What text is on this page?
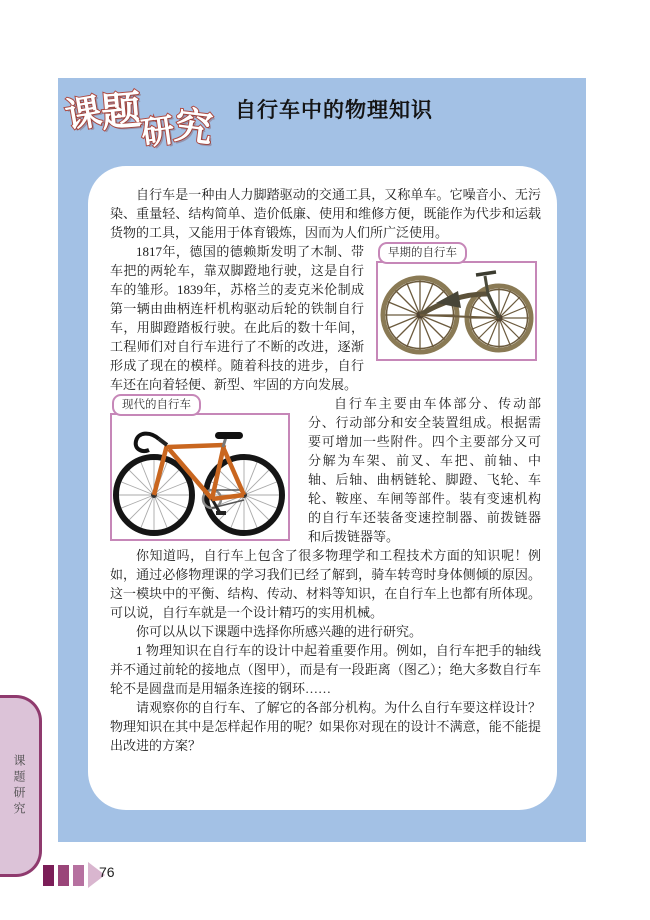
课
题
研
究 自行车中的物理知识

自行车是一种由人力脚踏驱动的交通工具，又称单车。它噪音小、无污染、重量轻、结构简单、造价低廉、使用和维修方便，既能作为代步和运载货物的工具，又能用于体育锻炼，因而为人们所广泛使用。

早期的自行车

1817年，德国的德赖斯发明了木制、带车把的两轮车，靠双脚蹬地行驶，这是自行车的雏形。1839年，苏格兰的麦克米伦制成第一辆由曲柄连杆机构驱动后轮的铁制自行车，用脚蹬踏板行驶。在此后的数十年间，工程师们对自行车进行了不断的改进，逐渐形成了现在的模样。随着科技的进步，自行车还在向着轻便、新型、牢固的方向发展。

现代的自行车	自行车主要由车体部分、传动部分、行动部分和安全装置组成。根据需要可增加一些附件。四个主要部分又可分解为车架、前叉、车把、前轴、中轴、后轴、曲柄链轮、脚蹬、飞轮、车轮、鞍座、车闸等部件。装有变速机构的自行车还装备变速控制器、前拨链器和后拨链器等。

你知道吗，自行车上包含了很多物理学和工程技术方面的知识呢！例如，通过必修物理课的学习我们已经了解到，骑车转弯时身体侧倾的原因。这一模块中的平衡、结构、传动、材料等知识，在自行车上也都有所体现。可以说，自行车就是一个设计精巧的实用机械。

你可以从以下课题中选择你所感兴趣的进行研究。

1 物理知识在自行车的设计中起着重要作用。例如，自行车把手的轴线并不通过前轮的接地点（图甲），而是有一段距离（图乙）；绝大多数自行车轮不是圆盘而是用辐条连接的钢环……

请观察你的自行车、了解它的各部分机构。为什么自行车要这样设计？物理知识在其中是怎样起作用的呢？如果你对现在的设计不满意，能不能提出改进的方案？

课题研究
76
